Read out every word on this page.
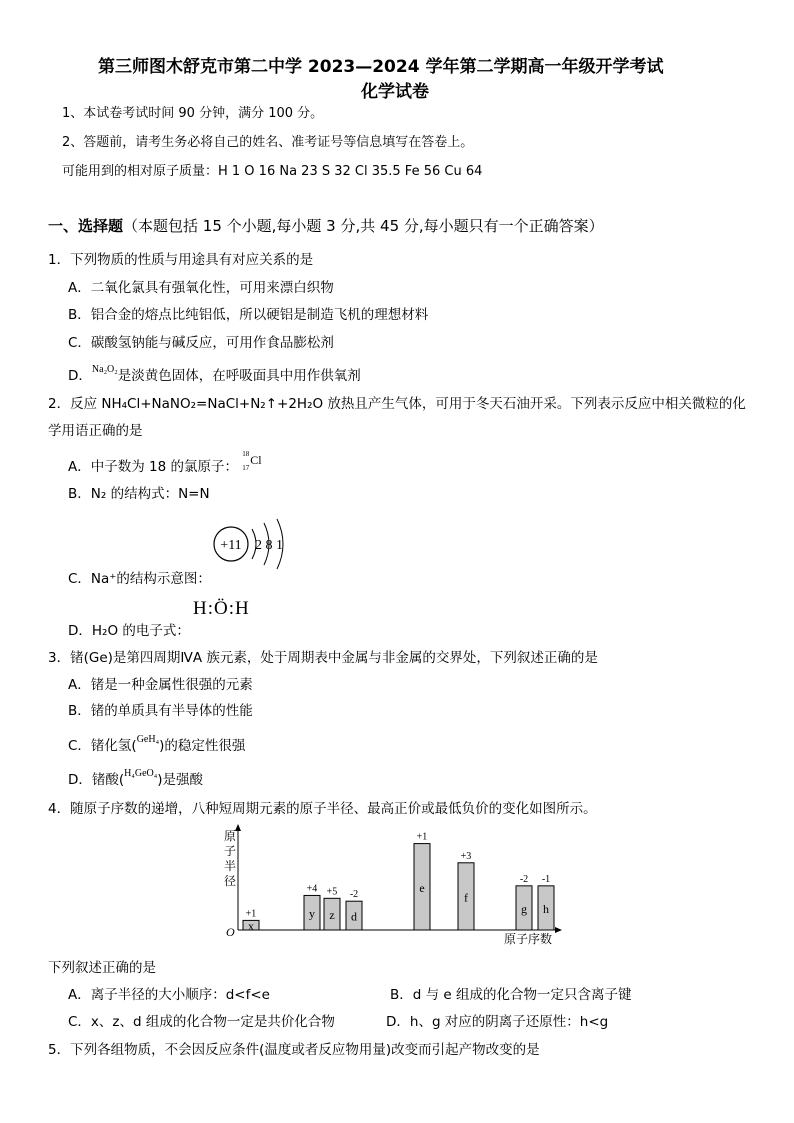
第三师图木舒克市第二中学 2023—2024 学年第二学期高一年级开学考试
化学试卷
1、本试卷考试时间 90 分钟，满分 100 分。
2、答题前，请考生务必将自己的姓名、准考证号等信息填写在答卷上。
可能用到的相对原子质量：H 1 O 16 Na 23 S 32 Cl 35.5 Fe 56 Cu 64
一、选择题（本题包括 15 个小题,每小题 3 分,共 45 分,每小题只有一个正确答案）
1．下列物质的性质与用途具有对应关系的是
A．二氧化氯具有强氧化性，可用来漂白织物
B．铝合金的熔点比纯铝低，所以硬铝是制造飞机的理想材料
C．碳酸氢钠能与碱反应，可用作食品膨松剂
D．$^{Na_2O_2}$是淡黄色固体，在呼吸面具中用作供氧剂
2．反应 NH₄Cl+NaNO₂=NaCl+N₂↑+2H₂O 放热且产生气体，可用于冬天石油开采。下列表示反应中相关微粒的化
学用语正确的是
A．中子数为 18 的氯原子：
18
17
Cl
B．N₂ 的结构式：N=N
C．Na⁺的结构示意图：
+11 2 8 1
D．H₂O 的电子式：
H:Ö:H
3．锗(Ge)是第四周期ⅣA 族元素，处于周期表中金属与非金属的交界处，下列叙述正确的是
A．锗是一种金属性很强的元素
B．锗的单质具有半导体的性能
C．锗化氢($^{GeH_4}$)的稳定性很强
D．锗酸($^{H_4GeO_4}$)是强酸
4．随原子序数的递增，八种短周期元素的原子半径、最高正价或最低负价的变化如图所示。
O
原
子
半
径
原子序数
x
+1	y
+4
z
+5
d
-2	e
+1
f
+3
g
-2
h
-1
下列叙述正确的是
A．离子半径的大小顺序：d<f<e	B．d 与 e 组成的化合物一定只含离子键
C．x、z、d 组成的化合物一定是共价化合物	D．h、g 对应的阴离子还原性：h<g
5．下列各组物质，不会因反应条件(温度或者反应物用量)改变而引起产物改变的是
